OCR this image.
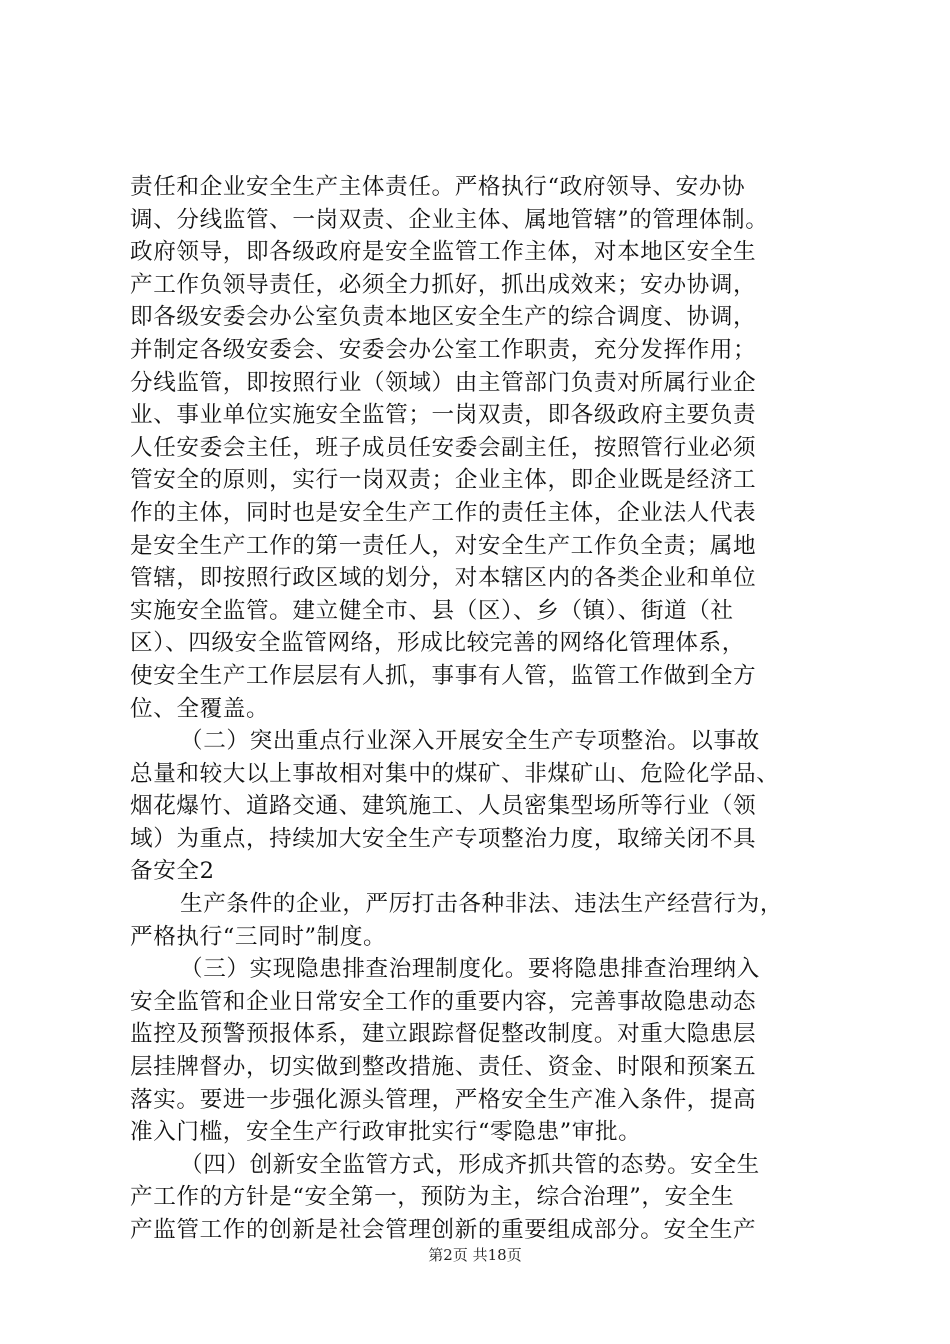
责任和企业安全生产主体责任。严格执行“政府领导、安办协
调、分线监管、一岗双责、企业主体、属地管辖”的管理体制。
政府领导，即各级政府是安全监管工作主体，对本地区安全生
产工作负领导责任，必须全力抓好，抓出成效来；安办协调，
即各级安委会办公室负责本地区安全生产的综合调度、协调，
并制定各级安委会、安委会办公室工作职责，充分发挥作用；
分线监管，即按照行业（领域）由主管部门负责对所属行业企
业、事业单位实施安全监管；一岗双责，即各级政府主要负责
人任安委会主任，班子成员任安委会副主任，按照管行业必须
管安全的原则，实行一岗双责；企业主体，即企业既是经济工
作的主体，同时也是安全生产工作的责任主体，企业法人代表
是安全生产工作的第一责任人，对安全生产工作负全责；属地
管辖，即按照行政区域的划分，对本辖区内的各类企业和单位
实施安全监管。建立健全市、县（区）、乡（镇）、街道（社
区）、四级安全监管网络，形成比较完善的网络化管理体系，
使安全生产工作层层有人抓，事事有人管，监管工作做到全方
位、全覆盖。
（二）突出重点行业深入开展安全生产专项整治。以事故
总量和较大以上事故相对集中的煤矿、非煤矿山、危险化学品、
烟花爆竹、道路交通、建筑施工、人员密集型场所等行业（领
域）为重点，持续加大安全生产专项整治力度，取缔关闭不具
备安全2
生产条件的企业，严厉打击各种非法、违法生产经营行为，
严格执行“三同时”制度。
（三）实现隐患排查治理制度化。要将隐患排查治理纳入
安全监管和企业日常安全工作的重要内容，完善事故隐患动态
监控及预警预报体系，建立跟踪督促整改制度。对重大隐患层
层挂牌督办，切实做到整改措施、责任、资金、时限和预案五
落实。要进一步强化源头管理，严格安全生产准入条件，提高
准入门槛，安全生产行政审批实行“零隐患”审批。
（四）创新安全监管方式，形成齐抓共管的态势。安全生
产工作的方针是“安全第一，预防为主，综合治理”，安全生
产监管工作的创新是社会管理创新的重要组成部分。安全生产
第2页 共18页
